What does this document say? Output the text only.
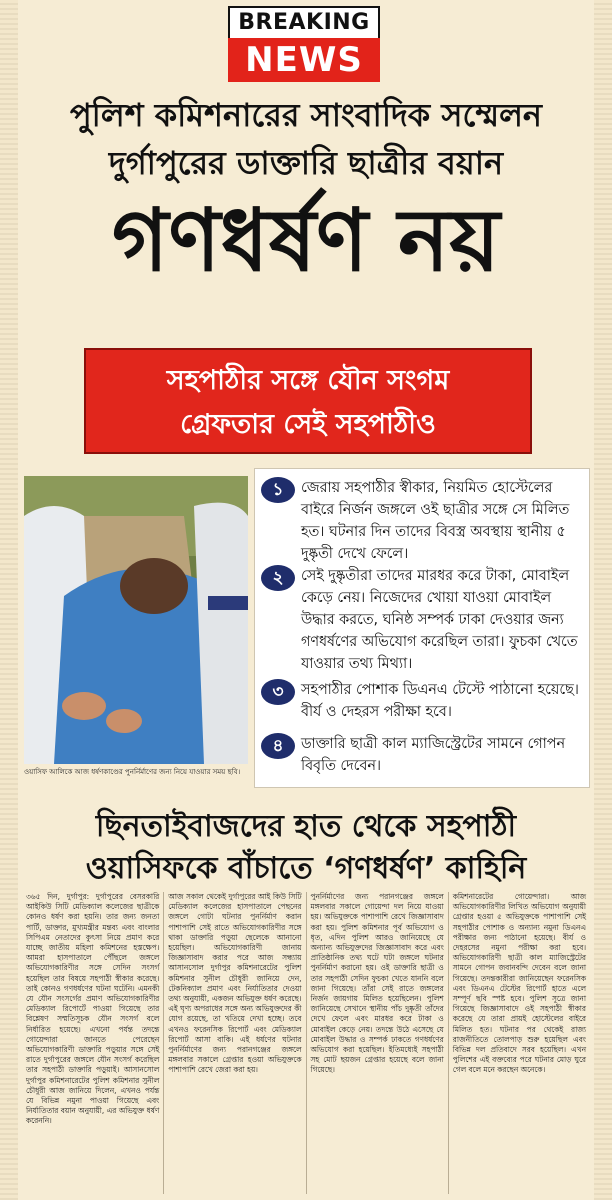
BREAKING
NEWS
পুলিশ কমিশনারের সাংবাদিক সম্মেলন
দুর্গাপুরের ডাক্তারি ছাত্রীর বয়ান
গণধর্ষণ নয়
সহপাঠীর সঙ্গে যৌন সংগম
গ্রেফতার সেই সহপাঠীও
ওয়াসিফ আলিকে আজ ধর্ষণকাণ্ডের পুনর্নির্মাণের জন্য নিয়ে যাওয়ার সময় ছবি।
১	জেরায় সহপাঠীর স্বীকার, নিয়মিত হোস্টেলের বাইরে নির্জন জঙ্গলে ওই ছাত্রীর সঙ্গে সে মিলিত হত। ঘটনার দিন তাদের বিবস্ত্র অবস্থায় স্থানীয় ৫ দুষ্কৃতী দেখে ফেলে।
২	সেই দুষ্কৃতীরা তাদের মারধর করে টাকা, মোবাইল কেড়ে নেয়। নিজেদের খোয়া যাওয়া মোবাইল উদ্ধার করতে, ঘনিষ্ঠ সম্পর্ক ঢাকা দেওয়ার জন্য গণধর্ষণের অভিযোগ করেছিল তারা। ফুচকা খেতে যাওয়ার তথ্য মিথ্যা।
৩	সহপাঠীর পোশাক ডিএনএ টেস্টে পাঠানো হয়েছে। বীর্য ও দেহরস পরীক্ষা হবে।
৪	ডাক্তারি ছাত্রী কাল ম্যাজিস্ট্রেটের সামনে গোপন বিবৃতি দেবেন।
ছিনতাইবাজদের হাত থেকে সহপাঠী
ওয়াসিফকে বাঁচাতে ‘গণধর্ষণ’ কাহিনি
৩৬৫ দিন, দুর্গাপুর: দুর্গাপুরের বেসরকারি আইকিউ সিটি মেডিক্যাল কলেজের ছাত্রীকে কোনও ধর্ষণ করা হয়নি। তার জন্য জনতা পার্টি, ডাক্তার, মুখ্যমন্ত্রীর মন্তব্য এবং বাংলার সিপিএম নেতাদের কুৎসা নিয়ে প্রমাণ করে যাচ্ছে জাতীয় মহিলা কমিশনের হস্তক্ষেপ। আমরা হাসপাতালে পৌঁছলে জঙ্গলে অভিযোগকারিণীর সঙ্গে সেদিন সংসর্গ হয়েছিল তার বিষয়ে সহপাঠী স্বীকার করেছে। তাই কোনও গণধর্ষণের ঘটনা ঘটেনি। এমনকী যে যৌন সংসর্গের প্রমাণ অভিযোগকারিণীর মেডিক্যাল রিপোর্টে পাওয়া গিয়েছে তার বিশ্লেষণ সম্মতিসূচক যৌন সংসর্গ বলে নির্ধারিত হয়েছে। এখনো পর্যন্ত তদন্তে গোয়েন্দারা জানতে পেরেছেন অভিযোগকারিণী ডাক্তারি পড়ুয়ার সঙ্গে সেই রাতে দুর্গাপুরের জঙ্গলে যৌন সংসর্গ করেছিল তার সহপাঠী ডাক্তারি পড়ুয়াই। আসানসোল দুর্গাপুর কমিশনারেটের পুলিশ কমিশনার সুনীল চৌধুরী আজ জানিয়ে দিলেন, এখনও পর্যন্ত যে বিভিন্ন নমুনা পাওয়া গিয়েছে এবং নির্যাতিতার বয়ান অনুযায়ী, এর অভিযুক্ত ধর্ষণ করেননি।
আজ সকাল থেকেই দুর্গাপুরের আই কিউ সিটি মেডিক্যাল কলেজের হাসপাতালে পেছনের জঙ্গলে গোটা ঘটনার পুনর্নির্মাণ করান পাশাপাশি সেই রাতে অভিযোগকারিণীর সঙ্গে থাকা ডাক্তারি পড়ুয়া ছেলেকে আনানো হয়েছিল। অভিযোগকারিণী জানায় জিজ্ঞাসাবাদ করার পরে আজ সন্ধ্যায় আসানসোল দুর্গাপুর কমিশনারেটের পুলিশ কমিশনার সুনীল চৌধুরী জানিয়ে দেন, টেকনিক্যাল প্রমাণ এবং নির্যাতিতার দেওয়া তথ্য অনুযায়ী, একজন অভিযুক্ত ধর্ষণ করেছে। এই ঘৃণ্য অপরাধের সঙ্গে অন্য অভিযুক্তদের কী যোগ রয়েছে, তা খতিয়ে দেখা হচ্ছে। তবে এখনও ফরেনসিক রিপোর্ট এবং মেডিক্যাল রিপোর্ট আসা বাকি। এই ধর্ষণের ঘটনার পুনর্নির্মাণের জন্য পরানগঞ্জের জঙ্গলে মঙ্গলবার সকালে গ্রেপ্তার হওয়া অভিযুক্তকে পাশাপাশি রেখে জেরা করা হয়।
পুনর্নির্মাণের জন্য পরানগঞ্জের জঙ্গলে মঙ্গলবার সকালে গোয়েন্দা দল নিয়ে যাওয়া হয়। অভিযুক্তকে পাশাপাশি রেখে জিজ্ঞাসাবাদ করা হয়। পুলিশ কমিশনার পূর্ব অভিযোগ ও ধৃত, এদিন পুলিশ আরও জানিয়েছে যে অন্যান্য অভিযুক্তদের জিজ্ঞাসাবাদ করে এবং প্রাতিষ্ঠানিক তথ্য ঘটে ঘটা জঙ্গলে ঘটনার পুনর্নির্মাণ করানো হয়। ওই ডাক্তারি ছাত্রী ও তার সহপাঠী সেদিন ফুচকা খেতে যাননি বলে জানা গিয়েছে। তাঁরা সেই রাতে জঙ্গলের নির্জন জায়গায় মিলিত হয়েছিলেন। পুলিশ জানিয়েছে সেখানে স্থানীয় পাঁচ দুষ্কৃতী তাঁদের দেখে ফেলে এবং মারধর করে টাকা ও মোবাইল কেড়ে নেয়। তদন্তে উঠে এসেছে যে মোবাইল উদ্ধার ও সম্পর্ক ঢাকতে গণধর্ষণের অভিযোগ করা হয়েছিল। ইতিমধ্যেই সহপাঠী সহ মোট ছয়জন গ্রেপ্তার হয়েছে বলে জানা গিয়েছে।
কমিশনারেটের গোয়েন্দারা। আজ অভিযোগকারিণীর লিখিত অভিযোগ অনুযায়ী গ্রেপ্তার হওয়া ৫ অভিযুক্তকে পাশাপাশি সেই সহপাঠীর পোশাক ও অন্যান্য নমুনা ডিএনএ পরীক্ষার জন্য পাঠানো হয়েছে। বীর্য ও দেহরসের নমুনা পরীক্ষা করা হবে। অভিযোগকারিণী ছাত্রী কাল ম্যাজিস্ট্রেটের সামনে গোপন জবানবন্দি দেবেন বলে জানা গিয়েছে। তদন্তকারীরা জানিয়েছেন ফরেনসিক এবং ডিএনএ টেস্টের রিপোর্ট হাতে এলে সম্পূর্ণ ছবি স্পষ্ট হবে। পুলিশ সূত্রে জানা গিয়েছে জিজ্ঞাসাবাদে ওই সহপাঠী স্বীকার করেছে যে তারা প্রায়ই হোস্টেলের বাইরে মিলিত হত। ঘটনার পর থেকেই রাজ্য রাজনীতিতে তোলপাড় শুরু হয়েছিল এবং বিভিন্ন দল প্রতিবাদে সরব হয়েছিল। এখন পুলিশের এই বক্তব্যের পরে ঘটনার মোড় ঘুরে গেল বলে মনে করছেন অনেকে।
